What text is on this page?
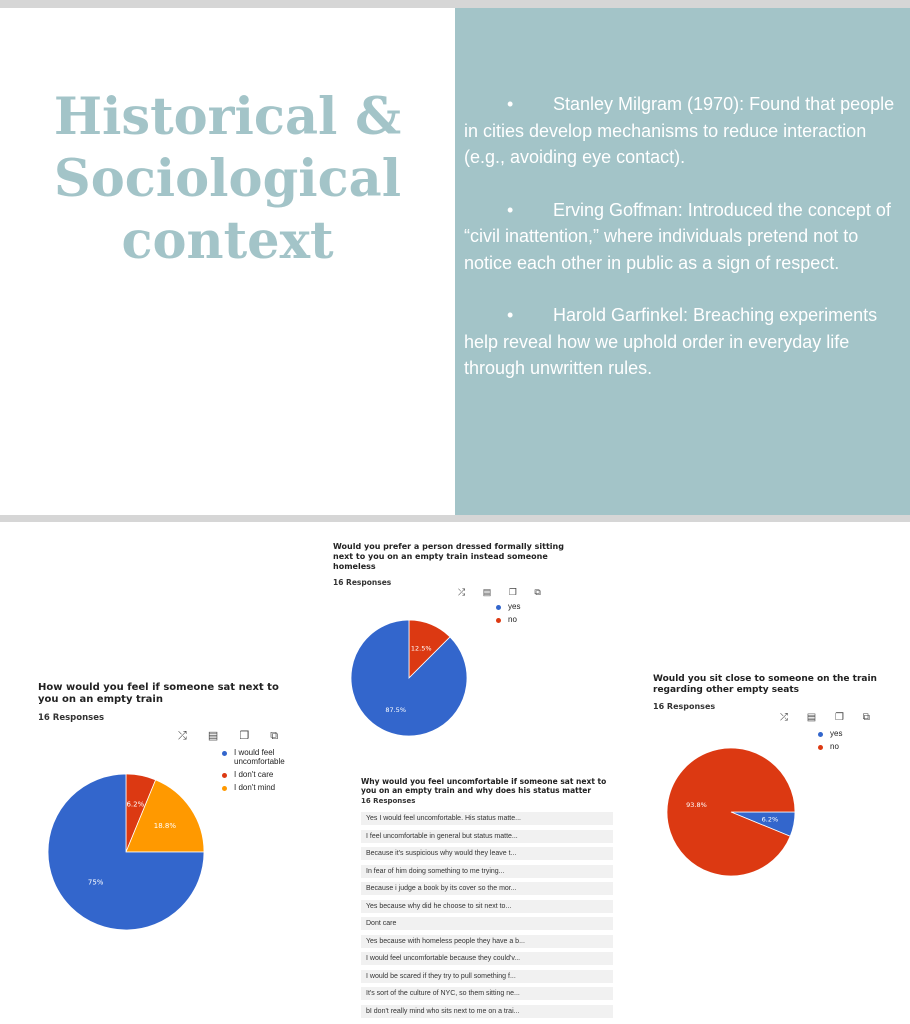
Historical &
Sociological
context
• Stanley Milgram (1970): Found that people in cities develop mechanisms to reduce interaction (e.g., avoiding eye contact).
• Erving Goffman: Introduced the concept of “civil inattention,” where individuals pretend not to notice each other in public as a sign of respect.
• Harold Garfinkel: Breaching experiments help reveal how we uphold order in everyday life through unwritten rules.
How would you feel if someone sat next to you on an empty train
16 Responses
⤮ ▤ ❐ ⧉
I would feel uncomfortable
I don't care
I don't mind
6.2%
18.8%
75%
Would you prefer a person dressed formally sitting next to you on an empty train instead someone homeless
16 Responses
⤮ ▤ ❐ ⧉
yes
no
12.5%
87.5%
Would you sit close to someone on the train regarding other empty seats
16 Responses
⤮ ▤ ❐ ⧉
yes
no
6.2%
93.8%
Why would you feel uncomfortable if someone sat next to you on an empty train and why does his status matter
16 Responses
Yes I would feel uncomfortable. His status matte...
I feel uncomfortable in general but status matte...
Because it's suspicious why would they leave t...
In fear of him doing something to me trying...
Because i judge a book by its cover so the mor...
Yes because why did he choose to sit next to...
Dont care
Yes because with homeless people they have a b...
I would feel uncomfortable because they could'v...
I would be scared if they try to pull something f...
It's sort of the culture of NYC, so them sitting ne...
bI don't really mind who sits next to me on a trai...
